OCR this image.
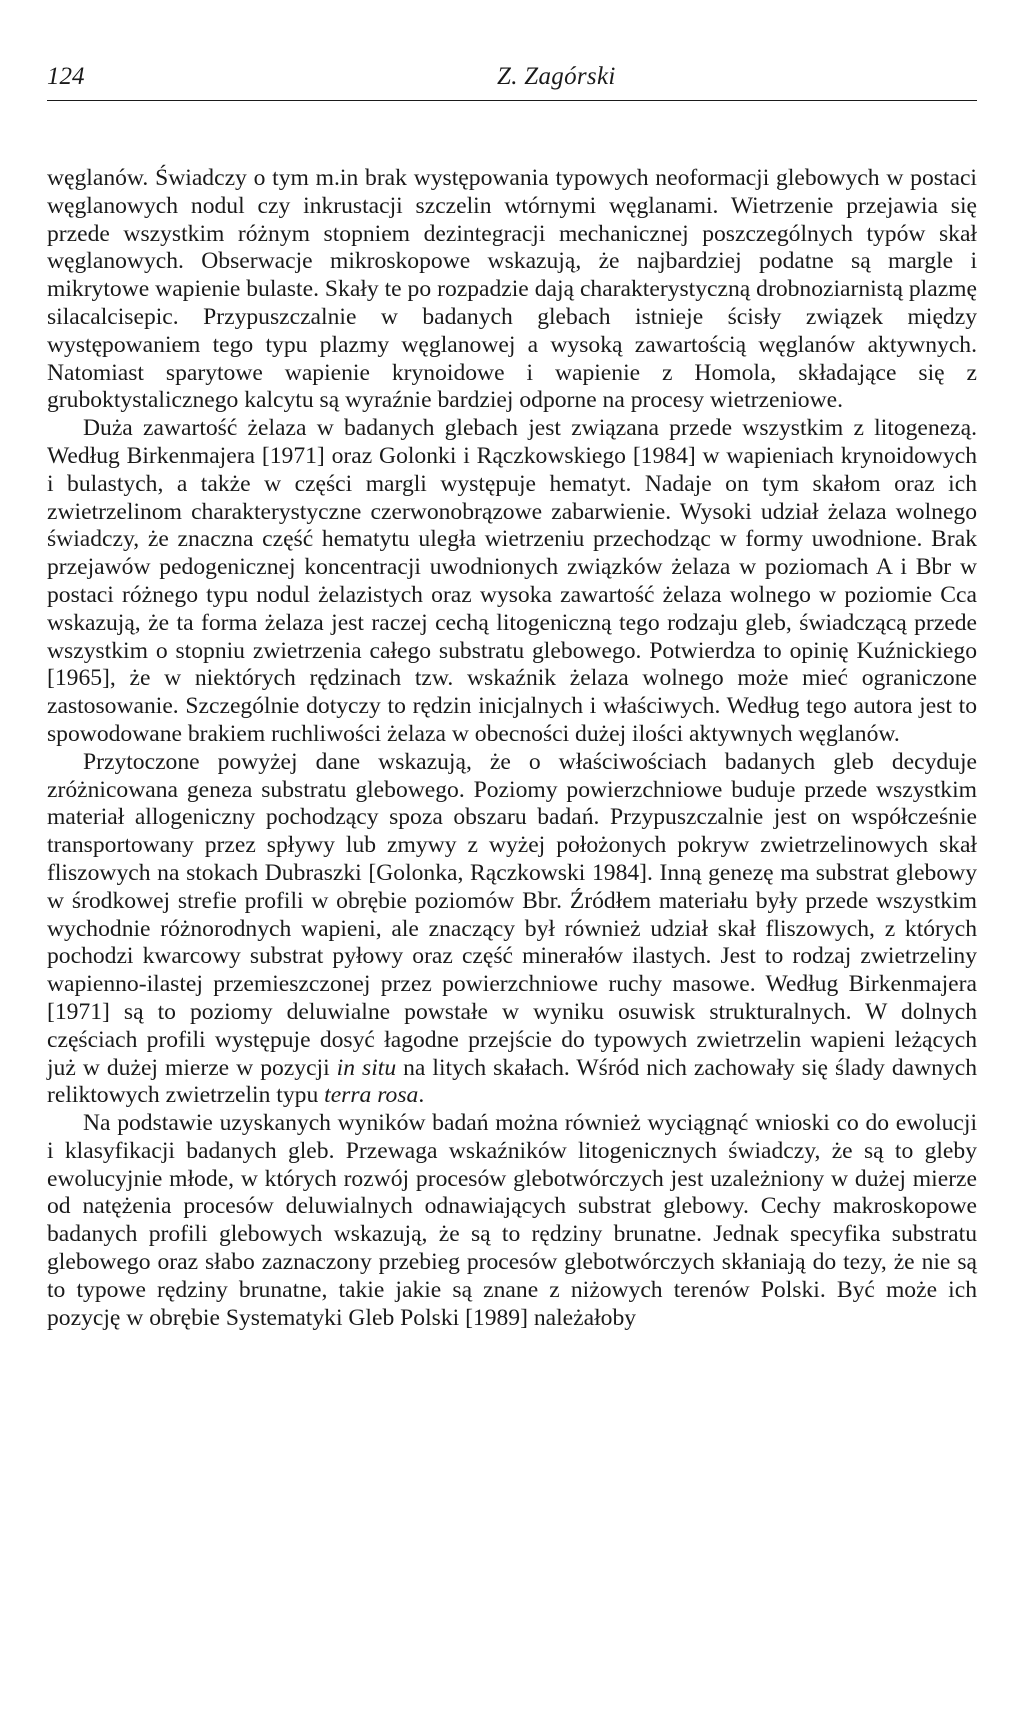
124	Z. Zagórski

węglanów. Świadczy o tym m.in brak występowania typowych neoformacji glebowych w postaci węglanowych nodul czy inkrustacji szczelin wtórnymi węglanami. Wietrzenie przejawia się przede wszystkim różnym stopniem dezintegracji mechanicznej poszczególnych typów skał węglanowych. Obserwacje mikroskopowe wskazują, że najbardziej podatne są margle i mikrytowe wapienie bulaste. Skały te po rozpadzie dają charakterystyczną drobnoziarnistą plazmę silacalcisepic. Przypuszczalnie w badanych glebach istnieje ścisły związek między występowaniem tego typu plazmy węglanowej a wysoką zawartością węglanów aktywnych. Natomiast sparytowe wapienie krynoidowe i wapienie z Homola, składające się z gruboktystalicznego kalcytu są wyraźnie bardziej odporne na procesy wietrzeniowe.

Duża zawartość żelaza w badanych glebach jest związana przede wszystkim z litogenezą. Według Birkenmajera [1971] oraz Golonki i Rączkowskiego [1984] w wapieniach krynoidowych i bulastych, a także w części margli występuje hematyt. Nadaje on tym skałom oraz ich zwietrzelinom charakterystyczne czerwonobrązowe zabarwienie. Wysoki udział żelaza wolnego świadczy, że znaczna część hematytu uległa wietrzeniu przechodząc w formy uwodnione. Brak przejawów pedogenicznej koncentracji uwodnionych związków żelaza w poziomach A i Bbr w postaci różnego typu nodul żelazistych oraz wysoka zawartość żelaza wolnego w poziomie Cca wskazują, że ta forma żelaza jest raczej cechą litogeniczną tego rodzaju gleb, świadczącą przede wszystkim o stopniu zwietrzenia całego substratu glebowego. Potwierdza to opinię Kuźnickiego [1965], że w niektórych rędzinach tzw. wskaźnik żelaza wolnego może mieć ograniczone zastosowanie. Szczególnie dotyczy to rędzin inicjalnych i właściwych. Według tego autora jest to spowodowane brakiem ruchliwości żelaza w obecności dużej ilości aktywnych węglanów.

Przytoczone powyżej dane wskazują, że o właściwościach badanych gleb decyduje zróżnicowana geneza substratu glebowego. Poziomy powierzchniowe buduje przede wszystkim materiał allogeniczny pochodzący spoza obszaru badań. Przypuszczalnie jest on współcześnie transportowany przez spływy lub zmywy z wyżej położonych pokryw zwietrzelinowych skał fliszowych na stokach Dubraszki [Golonka, Rączkowski 1984]. Inną genezę ma substrat glebowy w środkowej strefie profili w obrębie poziomów Bbr. Źródłem materiału były przede wszystkim wychodnie różnorodnych wapieni, ale znaczący był również udział skał fliszowych, z których pochodzi kwarcowy substrat pyłowy oraz część minerałów ilastych. Jest to rodzaj zwietrzeliny wapienno-ilastej przemieszczonej przez powierzchniowe ruchy masowe. Według Birkenmajera [1971] są to poziomy deluwialne powstałe w wyniku osuwisk strukturalnych. W dolnych częściach profili występuje dosyć łagodne przejście do typowych zwietrzelin wapieni leżących już w dużej mierze w pozycji in situ na litych skałach. Wśród nich zachowały się ślady dawnych reliktowych zwietrzelin typu terra rosa.

Na podstawie uzyskanych wyników badań można również wyciągnąć wnioski co do ewolucji i klasyfikacji badanych gleb. Przewaga wskaźników litogenicznych świadczy, że są to gleby ewolucyjnie młode, w których rozwój procesów glebotwórczych jest uzależniony w dużej mierze od natężenia procesów deluwialnych odnawiających substrat glebowy. Cechy makroskopowe badanych profili glebowych wskazują, że są to rędziny brunatne. Jednak specyfika substratu glebowego oraz słabo zaznaczony przebieg procesów glebotwórczych skłaniają do tezy, że nie są to typowe rędziny brunatne, takie jakie są znane z niżowych terenów Polski. Być może ich pozycję w obrębie Systematyki Gleb Polski [1989] należałoby
